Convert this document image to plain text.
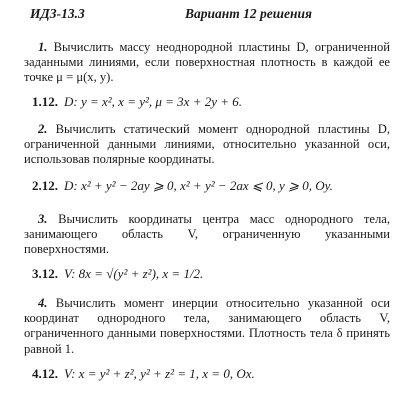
ИДЗ-13.3	Вариант 12 решения
1. Вычислить массу неоднородной пластины D, ограниченной заданными линиями, если поверхностная плотность в каждой ее точке μ = μ(x, y).
1.12. D: y = x², x = y², μ = 3x + 2y + 6.
2. Вычислить статический момент однородной пластины D, ограниченной данными линиями, относительно указанной оси, использовав полярные координаты.
2.12. D: x² + y² − 2ay ⩾ 0, x² + y² − 2ax ⩽ 0, y ⩾ 0, Oy.
3. Вычислить координаты центра масс однородного тела, занимающего область V, ограниченную указанными поверхностями.
3.12. V: 8x = √(y² + z²), x = 1/2.
4. Вычислить момент инерции относительно указанной оси координат однородного тела, занимающего область V, ограниченного данными поверхностями. Плотность тела δ принять равной 1.
4.12. V: x = y² + z², y² + z² = 1, x = 0, Ox.
